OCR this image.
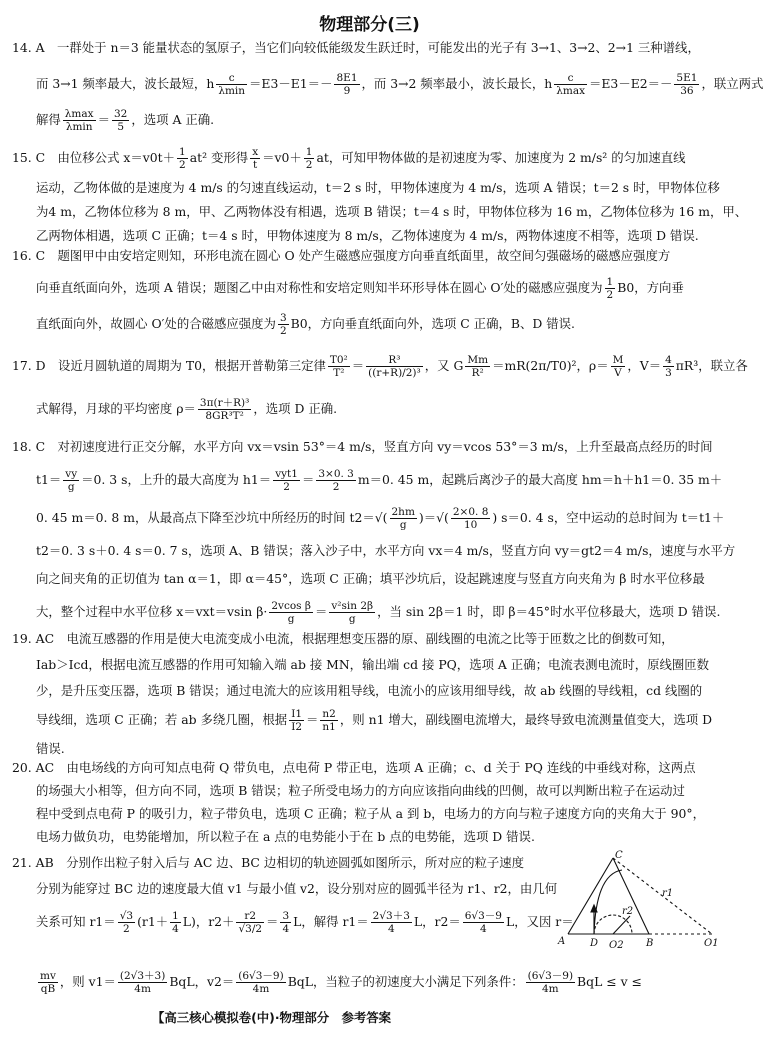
物理部分(三)
14. A　一群处于 n＝3 能量状态的氢原子，当它们向较低能级发生跃迁时，可能发出的光子有 3→1、3→2、2→1 三种谱线，
而 3→1 频率最大，波长最短，h $\frac{c}{\lambda\min} =E3-E1=- \frac{8E1}{9}$ ，而 3→2 频率最小，波长最长，h $\frac{c}{\lambda\max} =E3-E2=- \frac{5E1}{36}$ ，联立两式
解得 $\frac{\lambda\max}{\lambda\min} = \frac{32}{5}$ ，选项 A 正确.
15. C　由位移公式 $x=v0t+ \frac{1}{2} at^2$ 变形得 $\frac{x}{t} =v0+ \frac{1}{2}$ at，可知甲物体做的是初速度为零、加速度为 2 m/s² 的匀加速直线
运动，乙物体做的是速度为 4 m/s 的匀速直线运动，t＝2 s 时，甲物体速度为 4 m/s，选项 A 错误；t＝2 s 时，甲物体位移
为4 m，乙物体位移为 8 m，甲、乙两物体没有相遇，选项 B 错误；t＝4 s 时，甲物体位移为 16 m，乙物体位移为 16 m，甲、
乙两物体相遇，选项 C 正确；t＝4 s 时，甲物体速度为 8 m/s，乙物体速度为 4 m/s，两物体速度不相等，选项 D 错误.
16. C　题图甲中由安培定则知，环形电流在圆心 O 处产生磁感应强度方向垂直纸面里，故空间匀强磁场的磁感应强度方
向垂直纸面向外，选项 A 错误；题图乙中由对称性和安培定则知半环形导体在圆心 O′处的磁感应强度为 $\frac{1}{2} B0$，方向垂
直纸面向外，故圆心 O′处的合磁感应强度为 $\frac{3}{2} B0$，方向垂直纸面向外，选项 C 正确，B、D 错误.
17. D　设近月圆轨道的周期为 T0，根据开普勒第三定律 $\frac{\text{T0²}}{\text{T²}} = \frac{\text{R³}}{\text{((r+R)/2)³}}$ ，又 G $\frac{Mm}{\text{R²}} =mR(2\pi/T0)^2$，$\rho= \frac{M}{V}$ ，$V= \frac{4}{3} \pi R^3$，联立各
式解得，月球的平均密度 $\rho= \frac{\text{3π(r＋R)³}}{\text{8GR³T²}}$ ，选项 D 正确.
18. C　对初速度进行正交分解，水平方向 vx＝vsin 53°＝4 m/s，竖直方向 vy＝vcos 53°＝3 m/s，上升至最高点经历的时间
$t1= \frac{vy}{g} =0$. 3 s，上升的最大高度为 $h1= \frac{\text{vyt1}}{2} = \frac{3\times 0. 3}{2} m=0$. 45 m，起跳后离沙子的最大高度 hm＝h＋h1＝0. 35 m＋
0. 45 m＝0. 8 m，从最高点下降至沙坑中所经历的时间 $t2=√( \frac{2hm}{g}$ )＝√( $\frac{2\times 0. 8}{10}$ ) s＝0. 4 s，空中运动的总时间为 t＝t1＋
t2＝0. 3 s＋0. 4 s＝0. 7 s，选项 A、B 错误；落入沙子中，水平方向 vx＝4 m/s，竖直方向 vy＝gt2＝4 m/s，速度与水平方
向之间夹角的正切值为 tan α＝1，即 α＝45°，选项 C 正确；填平沙坑后，设起跳速度与竖直方向夹角为 β 时水平位移最
大，整个过程中水平位移 x＝vxt＝vsin $\beta\cdot \frac{\text{2vcos β}}{g} = \frac{\text{v²sin 2β}}{g}$ ，当 sin 2β＝1 时，即 β＝45°时水平位移最大，选项 D 错误.
19. AC　电流互感器的作用是使大电流变成小电流，根据理想变压器的原、副线圈的电流之比等于匝数之比的倒数可知，
Iab＞Icd，根据电流互感器的作用可知输入端 ab 接 MN，输出端 cd 接 PQ，选项 A 正确；电流表测电流时，原线圈匝数
少，是升压变压器，选项 B 错误；通过电流大的应该用粗导线，电流小的应该用细导线，故 ab 线圈的导线粗，cd 线圈的
导线细，选项 C 正确；若 ab 多绕几圈，根据 $\frac{I1}{I2} = \frac{n2}{n1}$ ，则 n1 增大，副线圈电流增大，最终导致电流测量值变大，选项 D
错误.
20. AC　由电场线的方向可知点电荷 Q 带负电，点电荷 P 带正电，选项 A 正确；c、d 关于 PQ 连线的中垂线对称，这两点
的场强大小相等，但方向不同，选项 B 错误；粒子所受电场力的方向应该指向曲线的凹侧，故可以判断出粒子在运动过
程中受到点电荷 P 的吸引力，粒子带负电，选项 C 正确；粒子从 a 到 b，电场力的方向与粒子速度方向的夹角大于 90°，
电场力做负功，电势能增加，所以粒子在 a 点的电势能小于在 b 点的电势能，选项 D 错误.
21. AB　分别作出粒子射入后与 AC 边、BC 边相切的轨迹圆弧如图所示，所对应的粒子速度
分别为能穿过 BC 边的速度最大值 v1 与最小值 v2，设分别对应的圆弧半径为 r1、r2，由几何
关系可知 $r1= \frac{√3}{2} (r1+ \frac{1}{4} L)$，$r2+ \frac{r2}{√3/2} = \frac{3}{4}$ L，解得 $r1= \frac{2√3+3}{4}$ L，$r2= \frac{6√3-9}{4}$ L，又因 r＝
$\frac{mv}{qB}$ ，则 $v1= \frac{(2√3+3)}{4m}$ BqL，$v2= \frac{(6√3-9)}{4m}$ BqL，当粒子的初速度大小满足下列条件： $\frac{(6√3-9)}{4m}$ BqL ≤ v ≤
C
r1
r2
A D O2 B	O1
【高三核心模拟卷(中)·物理部分　参考答案
